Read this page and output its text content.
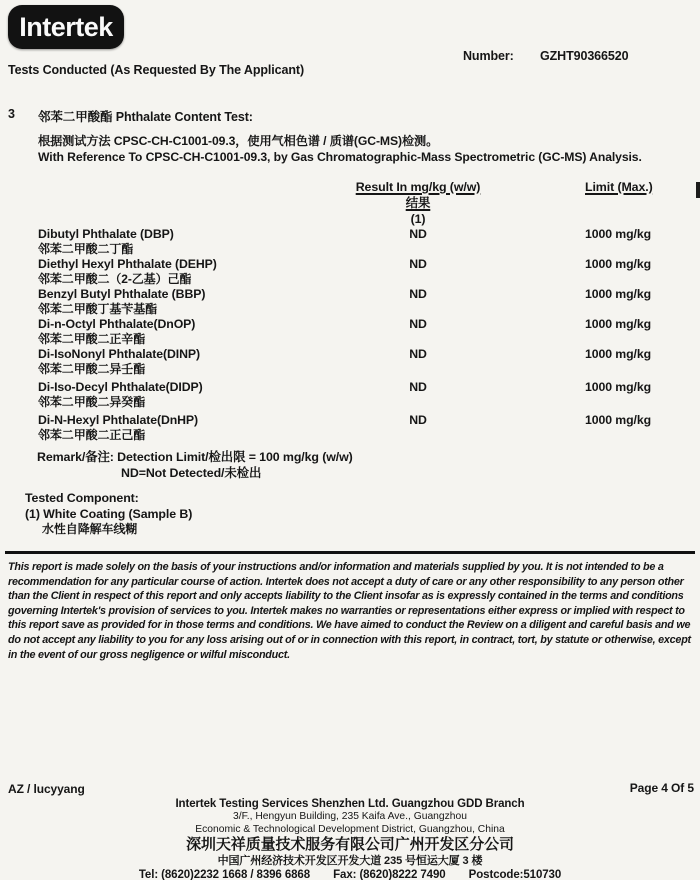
Intertek
Number: GZHT90366520
Tests Conducted (As Requested By The Applicant)
3	邻苯二甲酸酯 Phthalate Content Test:
根据测试方法 CPSC-CH-C1001-09.3，使用气相色谱 / 质谱(GC-MS)检测。
With Reference To CPSC-CH-C1001-09.3, by Gas Chromatographic-Mass Spectrometric (GC-MS) Analysis.
Result In mg/kg (w/w)	Limit (Max.)
结果
(1)
Dibutyl Phthalate (DBP)
邻苯二甲酸二丁酯
ND	1000 mg/kg
Diethyl Hexyl Phthalate (DEHP)
邻苯二甲酸二（2-乙基）己酯
ND	1000 mg/kg
Benzyl Butyl Phthalate (BBP)
邻苯二甲酸丁基苄基酯
ND	1000 mg/kg
Di-n-Octyl Phthalate(DnOP)
邻苯二甲酸二正辛酯
ND	1000 mg/kg
Di-IsoNonyl Phthalate(DINP)
邻苯二甲酸二异壬酯
ND	1000 mg/kg
Di-Iso-Decyl Phthalate(DIDP)
邻苯二甲酸二异癸酯
ND	1000 mg/kg
Di-N-Hexyl Phthalate(DnHP)
邻苯二甲酸二正己酯
ND	1000 mg/kg
Remark/备注: Detection Limit/检出限 = 100 mg/kg (w/w)
ND=Not Detected/未检出
Tested Component:
(1) White Coating (Sample B)
水性自降解车线糊
This report is made solely on the basis of your instructions and/or information and materials supplied by you. It is not intended to be a recommendation for any particular course of action. Intertek does not accept a duty of care or any other responsibility to any person other than the Client in respect of this report and only accepts liability to the Client insofar as is expressly contained in the terms and conditions governing Intertek's provision of services to you. Intertek makes no warranties or representations either express or implied with respect to this report save as provided for in those terms and conditions. We have aimed to conduct the Review on a diligent and careful basis and we do not accept any liability to you for any loss arising out of or in connection with this report, in contract, tort, by statute or otherwise, except in the event of our gross negligence or wilful misconduct.
AZ / lucyyang	Page 4 Of 5
Intertek Testing Services Shenzhen Ltd. Guangzhou GDD Branch
3/F., Hengyun Building, 235 Kaifa Ave., Guangzhou
Economic & Technological Development District, Guangzhou, China
深圳天祥质量技术服务有限公司广州开发区分公司
中国广州经济技术开发区开发大道 235 号恒运大厦 3 楼
Tel: (8620)2232 1668 / 8396 6868 Fax: (8620)8222 7490 Postcode:510730
